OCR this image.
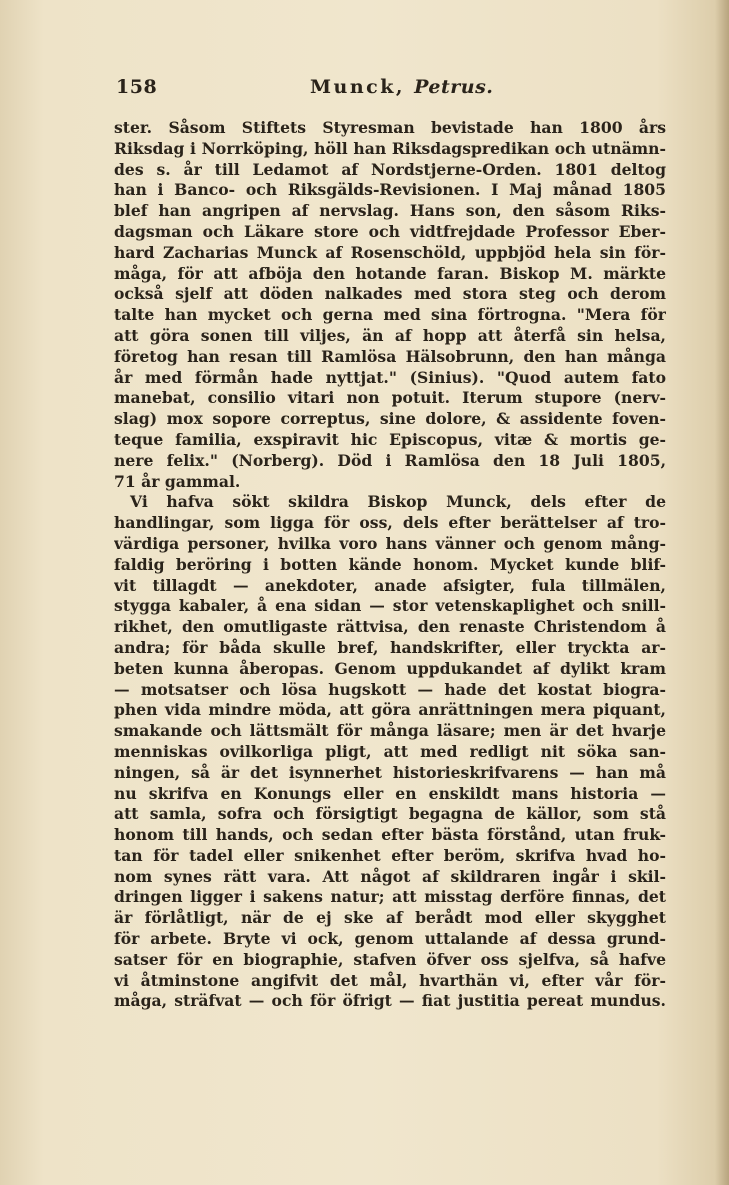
158	Munck, Petrus.
ster. Såsom Stiftets Styresman bevistade han 1800 års
Riksdag i Norrköping, höll han Riksdagspredikan och utnämn-
des s. år till Ledamot af Nordstjerne-Orden. 1801 deltog
han i Banco- och Riksgälds-Revisionen. I Maj månad 1805
blef han angripen af nervslag. Hans son, den såsom Riks-
dagsman och Läkare store och vidtfrejdade Professor Eber-
hard Zacharias Munck af Rosenschöld, uppbjöd hela sin för-
måga, för att afböja den hotande faran. Biskop M. märkte
också sjelf att döden nalkades med stora steg och derom
talte han mycket och gerna med sina förtrogna. "Mera för
att göra sonen till viljes, än af hopp att återfå sin helsa,
företog han resan till Ramlösa Hälsobrunn, den han många
år med förmån hade nyttjat." (Sinius). "Quod autem fato
manebat, consilio vitari non potuit. Iterum stupore (nerv-
slag) mox sopore correptus, sine dolore, & assidente foven-
teque familia, exspiravit hic Episcopus, vitæ & mortis ge-
nere felix." (Norberg). Död i Ramlösa den 18 Juli 1805,
71 år gammal.
Vi hafva sökt skildra Biskop Munck, dels efter de
handlingar, som ligga för oss, dels efter berättelser af tro-
värdiga personer, hvilka voro hans vänner och genom mång-
faldig beröring i botten kände honom. Mycket kunde blif-
vit tillagdt — anekdoter, anade afsigter, fula tillmälen,
stygga kabaler, å ena sidan — stor vetenskaplighet och snill-
rikhet, den omutligaste rättvisa, den renaste Christendom å
andra; för båda skulle bref, handskrifter, eller tryckta ar-
beten kunna åberopas. Genom uppdukandet af dylikt kram
— motsatser och lösa hugskott — hade det kostat biogra-
phen vida mindre möda, att göra anrättningen mera piquant,
smakande och lättsmält för många läsare; men är det hvarje
menniskas ovilkorliga pligt, att med redligt nit söka san-
ningen, så är det isynnerhet historieskrifvarens — han må
nu skrifva en Konungs eller en enskildt mans historia —
att samla, sofra och försigtigt begagna de källor, som stå
honom till hands, och sedan efter bästa förstånd, utan fruk-
tan för tadel eller snikenhet efter beröm, skrifva hvad ho-
nom synes rätt vara. Att något af skildraren ingår i skil-
dringen ligger i sakens natur; att misstag derföre finnas, det
är förlåtligt, när de ej ske af berådt mod eller skygghet
för arbete. Bryte vi ock, genom uttalande af dessa grund-
satser för en biographie, stafven öfver oss sjelfva, så hafve
vi åtminstone angifvit det mål, hvarthän vi, efter vår för-
måga, sträfvat — och för öfrigt — fiat justitia pereat mundus.
